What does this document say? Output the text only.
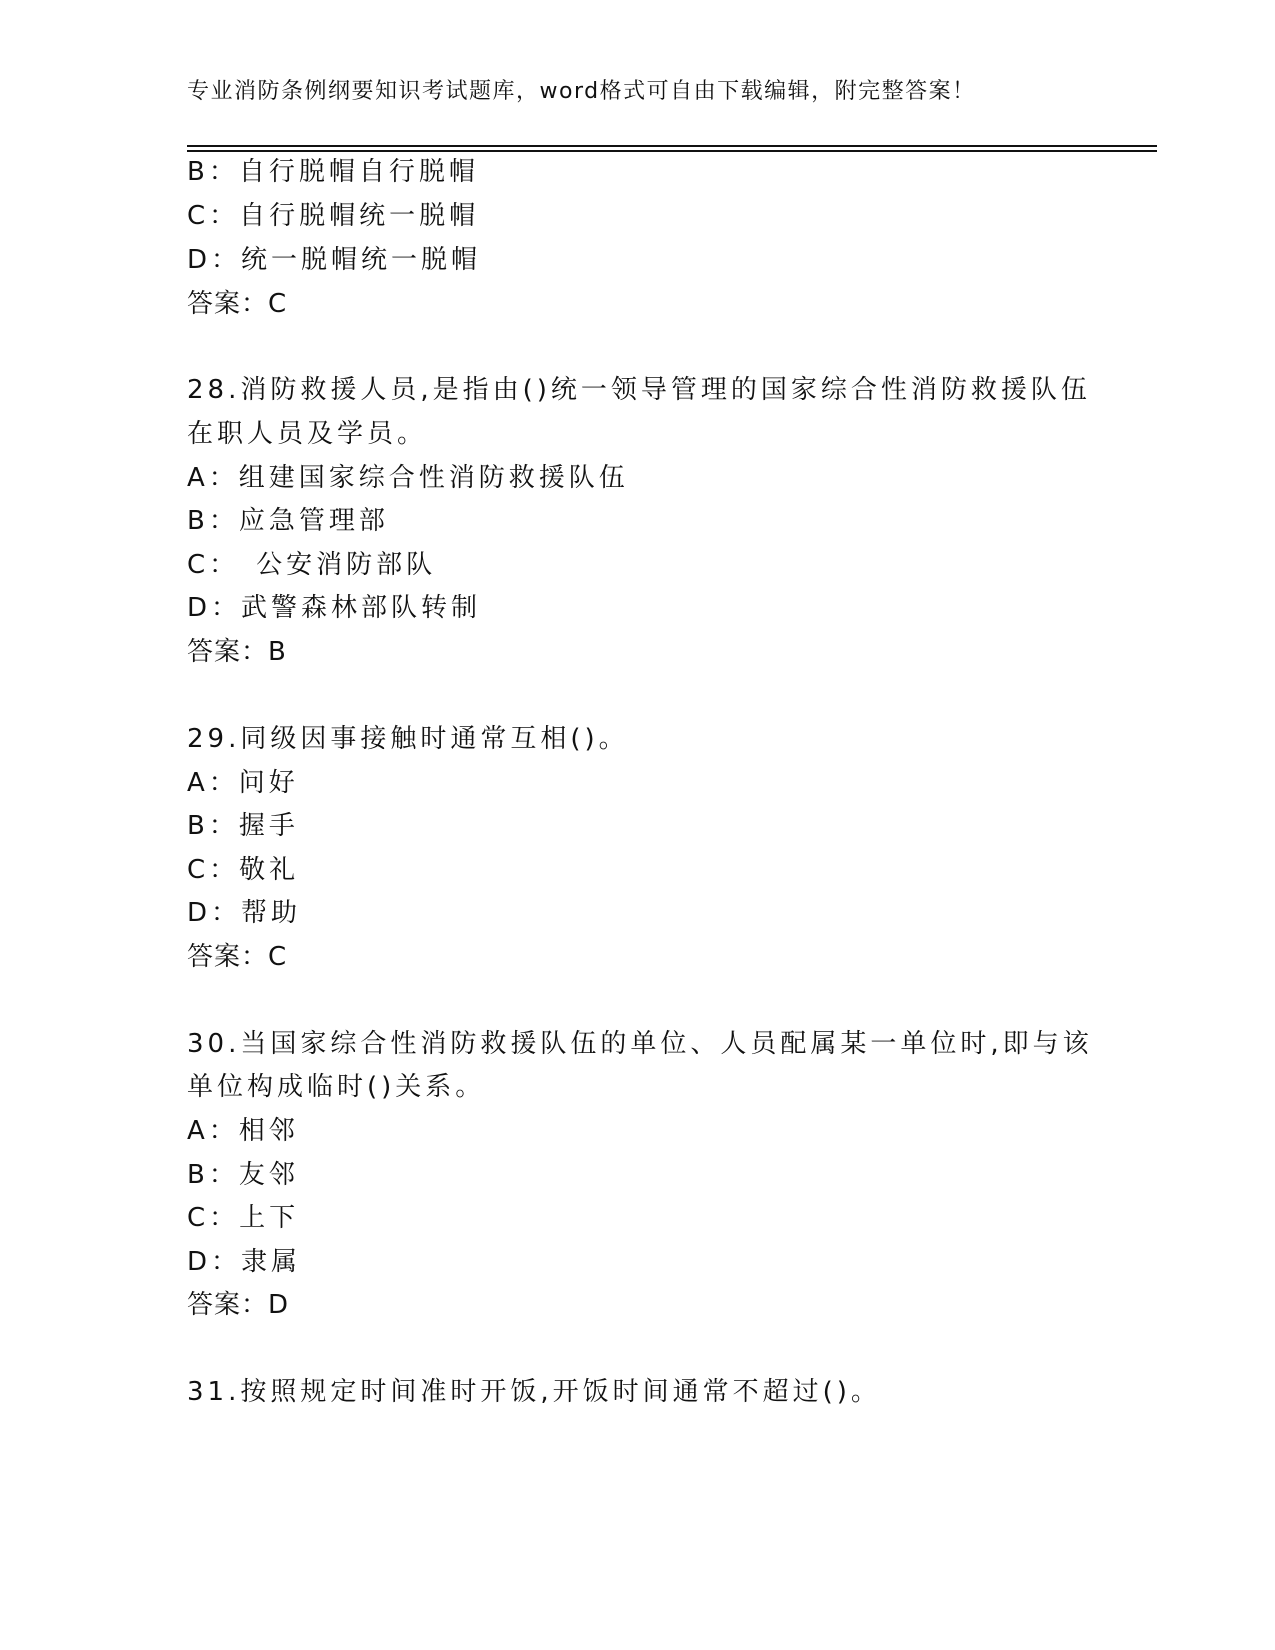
专业消防条例纲要知识考试题库，word格式可自由下载编辑，附完整答案！
B：自行脱帽自行脱帽
C：自行脱帽统一脱帽
D：统一脱帽统一脱帽
答案：C
28.消防救援人员,是指由()统一领导管理的国家综合性消防救援队伍
在职人员及学员。
A：组建国家综合性消防救援队伍
B：应急管理部
C：　公安消防部队
D：武警森林部队转制
答案：B
29.同级因事接触时通常互相()。
A：问好
B：握手
C：敬礼
D：帮助
答案：C
30.当国家综合性消防救援队伍的单位、人员配属某一单位时,即与该
单位构成临时()关系。
A：相邻
B：友邻
C：上下
D：隶属
答案：D
31.按照规定时间准时开饭,开饭时间通常不超过()。
